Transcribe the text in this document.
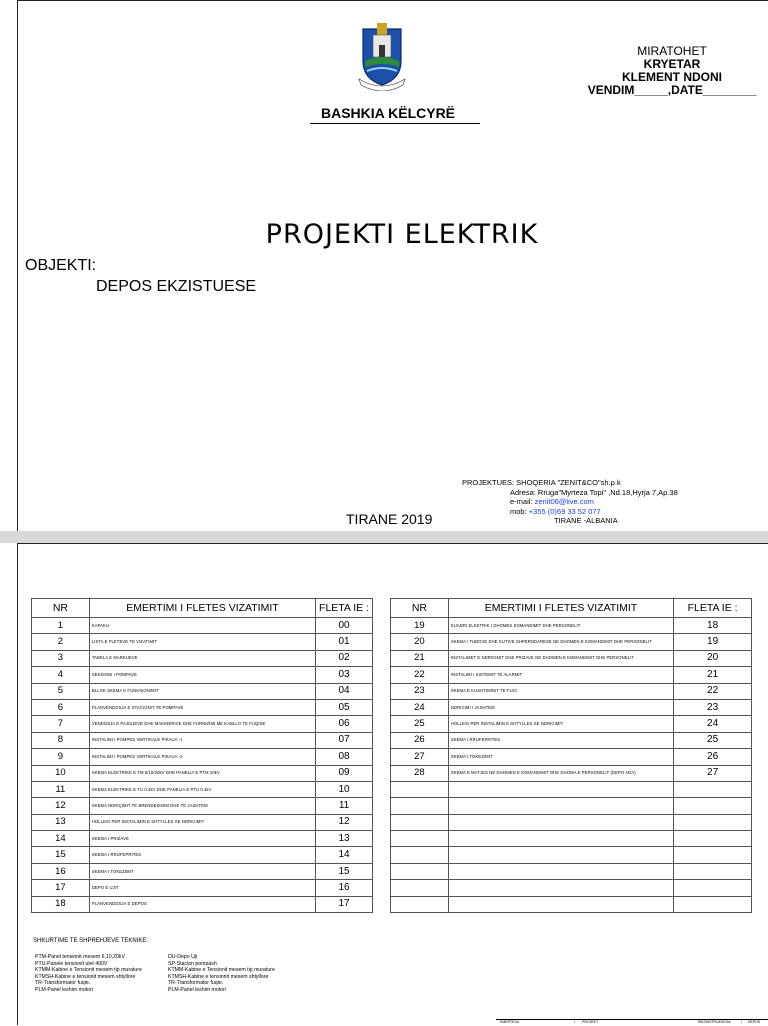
MIRATOHET
KRYETAR
KLEMENT NDONI
VENDIM_____,DATE________
BASHKIA KËLCYRË
PROJEKTI ELEKTRIK
OBJEKTI:
DEPOS EKZISTUESE
PROJEKTUES: SHOQERIA "ZENIT&CO"sh.p.k
Adresa: Rruga"Myrteza Topi" ,Nd.18,Hyrja 7,Ap.38
e-mail: zenit06@live.com
mob: +355 (0)69 33 52 077
TIRANE -ALBANIA
TIRANE 2019
NR	EMERTIMI I FLETES VIZATIMIT	FLETA IE :
1	KAPAKU	00
2	LISTA E FLETEVE TE VIZATIMIT	01
3	TABELA E MARKUEVE	02
4	SEKSIONI I POMPAVE	03
5	BLLOK SKEMA E FUNKSIONIMIT	04
6	PLANVENDOSJA E STACIONIT TE POMPAVE	05
7	VENDOSJA E PAJISJEVE DHE MAKINERIVE DHE FURNIZIMI ME KABLLO TE FUQISE	06
8	INSTALIMI I POMPES VERTIKALE PIKAUA -1	07
9	INSTALIMI I POMPES VERTIKALE PIKAUA -2	08
10	SKEMA ELEKTRIKE E TM 6/10/20kV DHE PANELIA E PTM 20kV	09
11	SKEMA ELEKTRIKE E TU 0.4kV DHE PANELIA E PTU 0.4kV	10
12	SKEMA NDRIÇIMIT TE BRENDESHEM DHE TE JASHTEM	11
13	HOLLESI PER INSTALIMIN E SHTYLLES SE NDRICIMIT	12
14	SKEMA I PRIZAVE	13
15	SKEMA I RRUFEPRITES	14
16	SKEMA I TOKEZIMIT	15
17	DEPO E UJIT	16
18	PLANVENDOSJA E DEPOS	17
NR	EMERTIMI I FLETES VIZATIMIT	FLETA IE :
19	KUADRI ELEKTRIK I DHOMES KOMANDIMIT DHE PERSONELIT	18
20	SKEMA I TUBOVE DHE KUTIVE SHPERNDARESE NE DHOMEN E KOMANDIMIT DHE PERSONELIT	19
21	INSTALIMET E NDRICIMIT DHE PRIZAVE NE DHOMEN E KOMANDIMIT DHE PERSONELIT	20
22	INSTALIMI I SISTEMIT TE ALARMIT	21
23	SKEMA E KUSHTIMINIT TE FUCI	22
24	NDRICIMI I JASHTEM	23
25	HOLLESI PER INSTALIMIN E SHTYLLES SE NDRICIMIT	24
26	SKEMA I RRUFEPRITES	25
27	SKEMA I TOKEZIMIT	26
28	SKEMA E MATJES NE DHOMEN E KOMANDIMIT DHE DHOMA E PERSONELIT (DEPO ADA)	27

SHKURTIME TE SHPREHJEVE TEKNIKE:
PTM-Panel tensionit mesem 6,10,20kV
PTU-Panele tensionit ulet 400V
KTMM-Kabine e Tensionit mesem tip murature
KTMSH-Kabine e tensionit mesem shtyllore
TR-Transformator fuqie.
PLM-Panel leshim motori
DU-Depo Uji
SP-Stacion pompash
KTMM-Kabine e Tensionit mesem tip murature
KTMSH-Kabine e tensionit mesem shtyllore
TR-Transformator fuqie.
PLM-Panel leshim motori
EMERTESA	I PROJEKT	RIKONSTRUKSIONI	I DEPOS
